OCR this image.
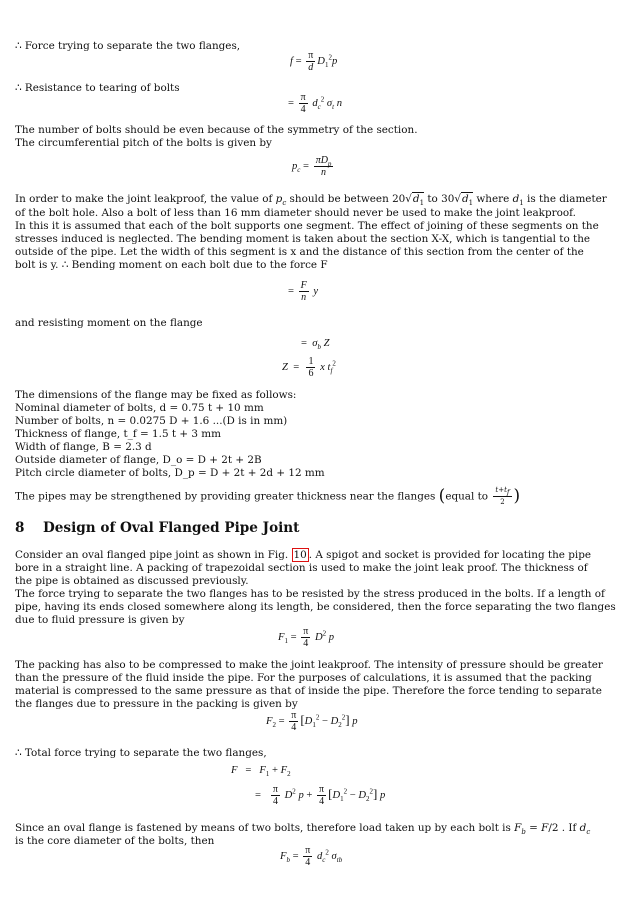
∴ Force trying to separate the two flanges,
$f = \frac{\pi}{d} D_1^2p$
∴ Resistance to tearing of bolts
= $\frac{\pi}{4} d_c^2$ $\sigma_t$ n
The number of bolts should be even because of the symmetry of the section.
The circumferential pitch of the bolts is given by
$p_c = \frac{\pi D_p}{n}$
In order to make the joint leakproof, the value of $p_c$ should be between $20√d_1$ to $30√d_1$ where $d_1$ is the diameter
of the bolt hole. Also a bolt of less than 16 mm diameter should never be used to make the joint leakproof.
In this it is assumed that each of the bolt supports one segment. The effect of joining of these segments on the
stresses induced is neglected. The bending moment is taken about the section X-X, which is tangential to the
outside of the pipe. Let the width of this segment is x and the distance of this section from the center of the
bolt is y. ∴ Bending moment on each bolt due to the force F
= $\frac{F}{n}$ y
and resisting moment on the flange
=  $\sigma_b$ Z
$Z = \frac{1}{6}$ x $t_f^2$
The dimensions of the flange may be fixed as follows:
Nominal diameter of bolts, d = 0.75 t + 10 mm
Number of bolts, n = 0.0275 D + 1.6 ...(D is in mm)
Thickness of flange, t_f = 1.5 t + 3 mm
Width of flange, B = 2.3 d
Outside diameter of flange, D_o = D + 2t + 2B
Pitch circle diameter of bolts, D_p = D + 2t + 2d + 12 mm
The pipes may be strengthened by providing greater thickness near the flanges (equal to $\frac{t+t_f}{2}$ )
8 Design of Oval Flanged Pipe Joint
Consider an oval flanged pipe joint as shown in Fig. 10 . A spigot and socket is provided for locating the pipe
bore in a straight line. A packing of trapezoidal section is used to make the joint leak proof. The thickness of
the pipe is obtained as discussed previously.
The force trying to separate the two flanges has to be resisted by the stress produced in the bolts. If a length of
pipe, having its ends closed somewhere along its length, be considered, then the force separating the two flanges
due to fluid pressure is given by
$F_1 = \frac{\pi}{4} D^2$ p
The packing has also to be compressed to make the joint leakproof. The intensity of pressure should be greater
than the pressure of the fluid inside the pipe. For the purposes of calculations, it is assumed that the packing
material is compressed to the same pressure as that of inside the pipe. Therefore the force tending to separate
the flanges due to pressure in the packing is given by
$F_2 = \frac{\pi}{4} [D_1^2 - D_2^2]$ p
∴ Total force trying to separate the two flanges,
$F = F_1 + F_2$
= $\frac{\pi}{4} D^2$ $p + \frac{\pi}{4} [D_1^2 - D_2^2]$ p
Since an oval flange is fastened by means of two bolts, therefore load taken up by each bolt is $F_b = F/2$ . If $d_c$
is the core diameter of the bolts, then
$F_b = \frac{\pi}{4} d_c^2$ $\sigma_{tb}$
